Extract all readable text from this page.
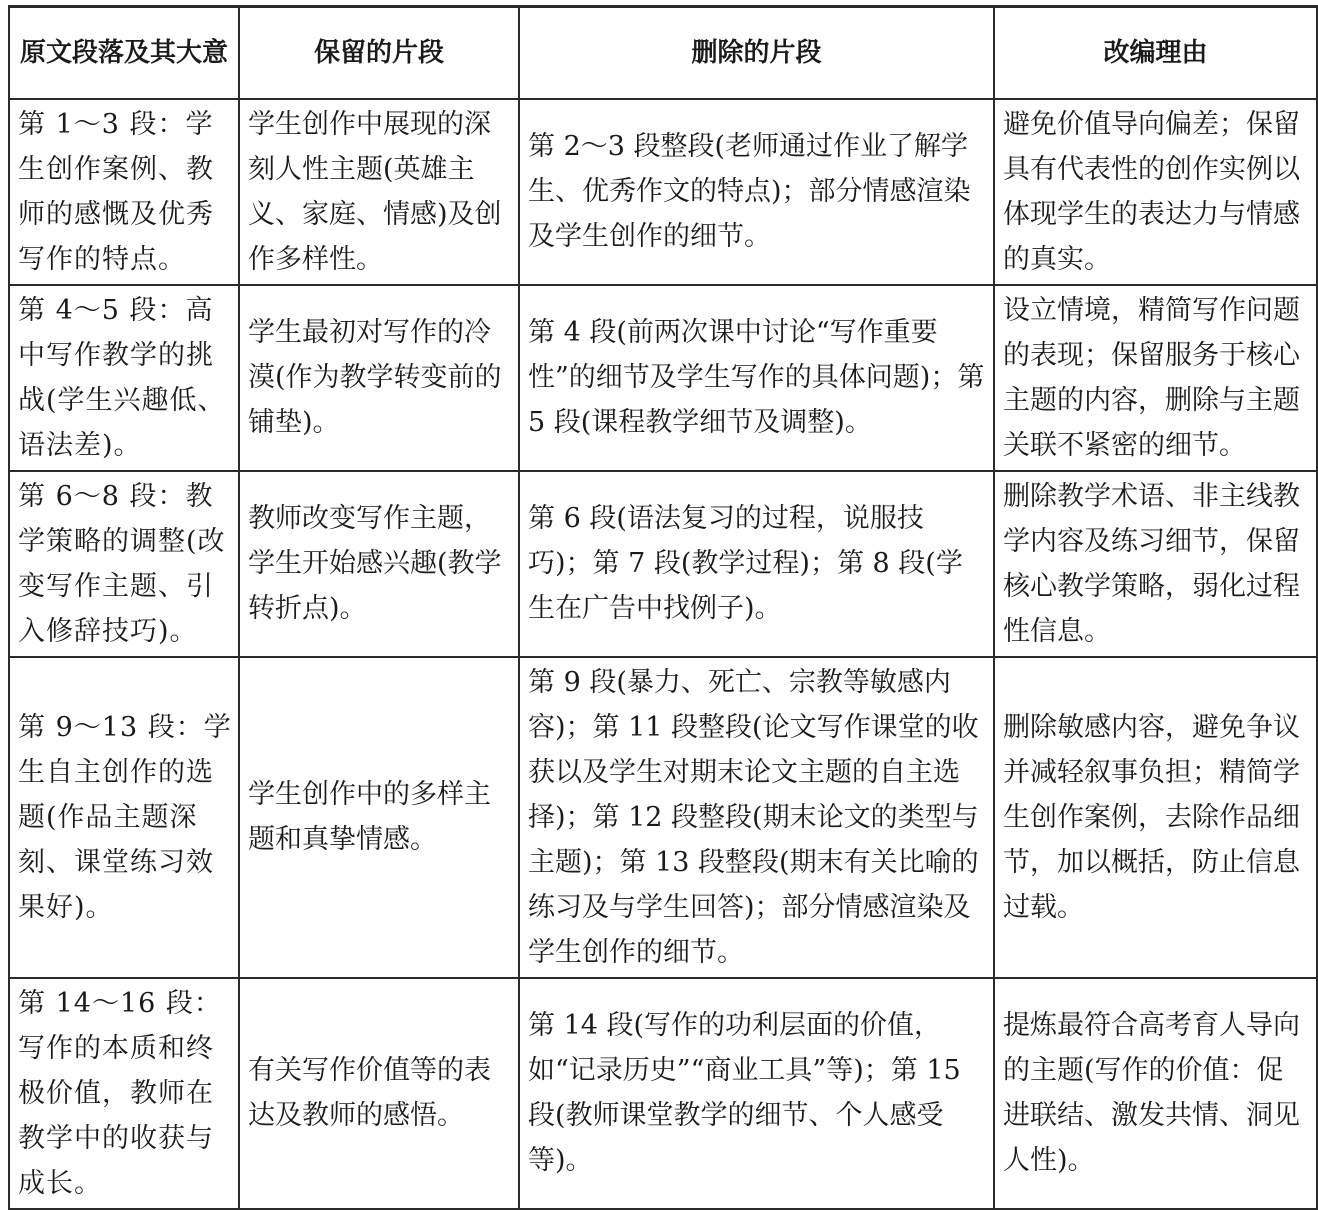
原文段落及其大意	保留的片段	删除的片段	改编理由
第 1～3 段：学生创作案例、教师的感慨及优秀写作的特点。	学生创作中展现的深刻人性主题(英雄主义、家庭、情感)及创作多样性。	第 2～3 段整段(老师通过作业了解学生、优秀作文的特点)；部分情感渲染及学生创作的细节。	避免价值导向偏差；保留具有代表性的创作实例以体现学生的表达力与情感的真实。
第 4～5 段：高中写作教学的挑战(学生兴趣低、语法差)。	学生最初对写作的冷漠(作为教学转变前的铺垫)。	第 4 段(前两次课中讨论“写作重要性”的细节及学生写作的具体问题)；第 5 段(课程教学细节及调整)。	设立情境，精简写作问题的表现；保留服务于核心主题的内容，删除与主题关联不紧密的细节。
第 6～8 段：教学策略的调整(改变写作主题、引入修辞技巧)。	教师改变写作主题，学生开始感兴趣(教学转折点)。	第 6 段(语法复习的过程，说服技巧)；第 7 段(教学过程)；第 8 段(学生在广告中找例子)。	删除教学术语、非主线教学内容及练习细节，保留核心教学策略，弱化过程性信息。
第 9～13 段：学生自主创作的选题(作品主题深刻、课堂练习效果好)。	学生创作中的多样主题和真挚情感。	第 9 段(暴力、死亡、宗教等敏感内容)；第 11 段整段(论文写作课堂的收获以及学生对期末论文主题的自主选择)；第 12 段整段(期末论文的类型与主题)；第 13 段整段(期末有关比喻的练习及与学生回答)；部分情感渲染及学生创作的细节。	删除敏感内容，避免争议并减轻叙事负担；精简学生创作案例，去除作品细节，加以概括，防止信息过载。
第 14～16 段：写作的本质和终极价值，教师在教学中的收获与成长。	有关写作价值等的表达及教师的感悟。	第 14 段(写作的功利层面的价值，如“记录历史”“商业工具”等)；第 15 段(教师课堂教学的细节、个人感受等)。	提炼最符合高考育人导向的主题(写作的价值：促进联结、激发共情、洞见人性)。
